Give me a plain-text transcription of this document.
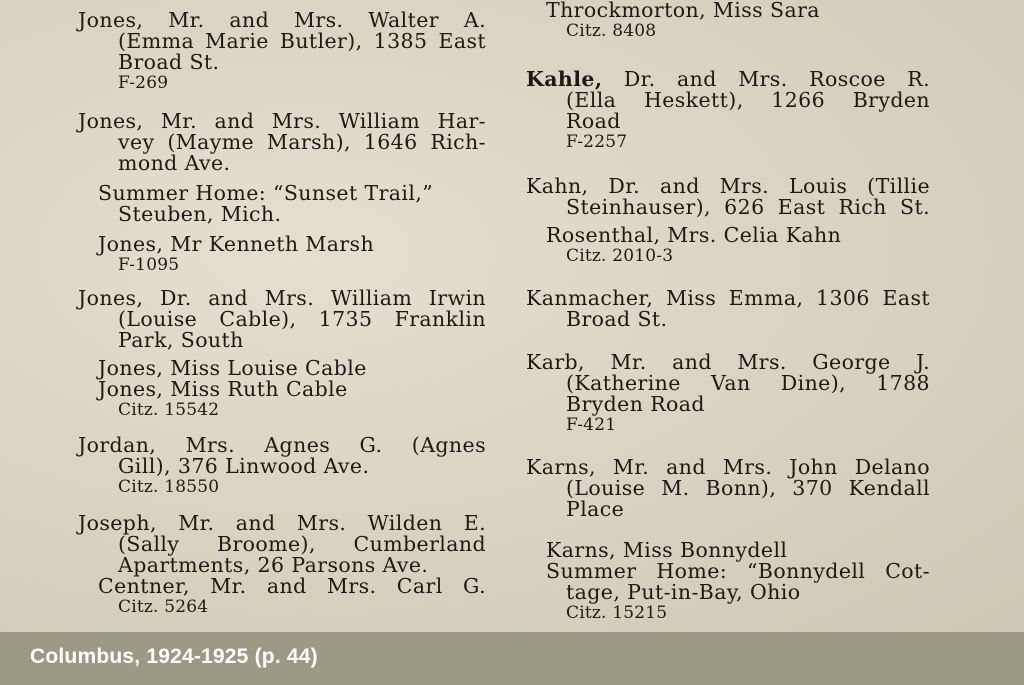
Jones, Mr. and Mrs. Walter A.
(Emma Marie Butler), 1385 East
Broad St.
F-269
Jones, Mr. and Mrs. William Har-
vey (Mayme Marsh), 1646 Rich-
mond Ave.
Summer Home: “Sunset Trail,”
Steuben, Mich.
Jones, Mr Kenneth Marsh
F-1095
Jones, Dr. and Mrs. William Irwin
(Louise Cable), 1735 Franklin
Park, South
Jones, Miss Louise Cable
Jones, Miss Ruth Cable
Citz. 15542
Jordan, Mrs. Agnes G. (Agnes
Gill), 376 Linwood Ave.
Citz. 18550
Joseph, Mr. and Mrs. Wilden E.
(Sally Broome), Cumberland
Apartments, 26 Parsons Ave.
Centner, Mr. and Mrs. Carl G.
Citz. 5264
Throckmorton, Miss Sara
Citz. 8408
Kahle, Dr. and Mrs. Roscoe R.
(Ella Heskett), 1266 Bryden
Road
F-2257
Kahn, Dr. and Mrs. Louis (Tillie
Steinhauser), 626 East Rich St.
Rosenthal, Mrs. Celia Kahn
Citz. 2010-3
Kanmacher, Miss Emma, 1306 East
Broad St.
Karb, Mr. and Mrs. George J.
(Katherine Van Dine), 1788
Bryden Road
F-421
Karns, Mr. and Mrs. John Delano
(Louise M. Bonn), 370 Kendall
Place
Karns, Miss Bonnydell
Summer Home: “Bonnydell Cot-
tage, Put-in-Bay, Ohio
Citz. 15215
Columbus, 1924-1925 (p. 44)
